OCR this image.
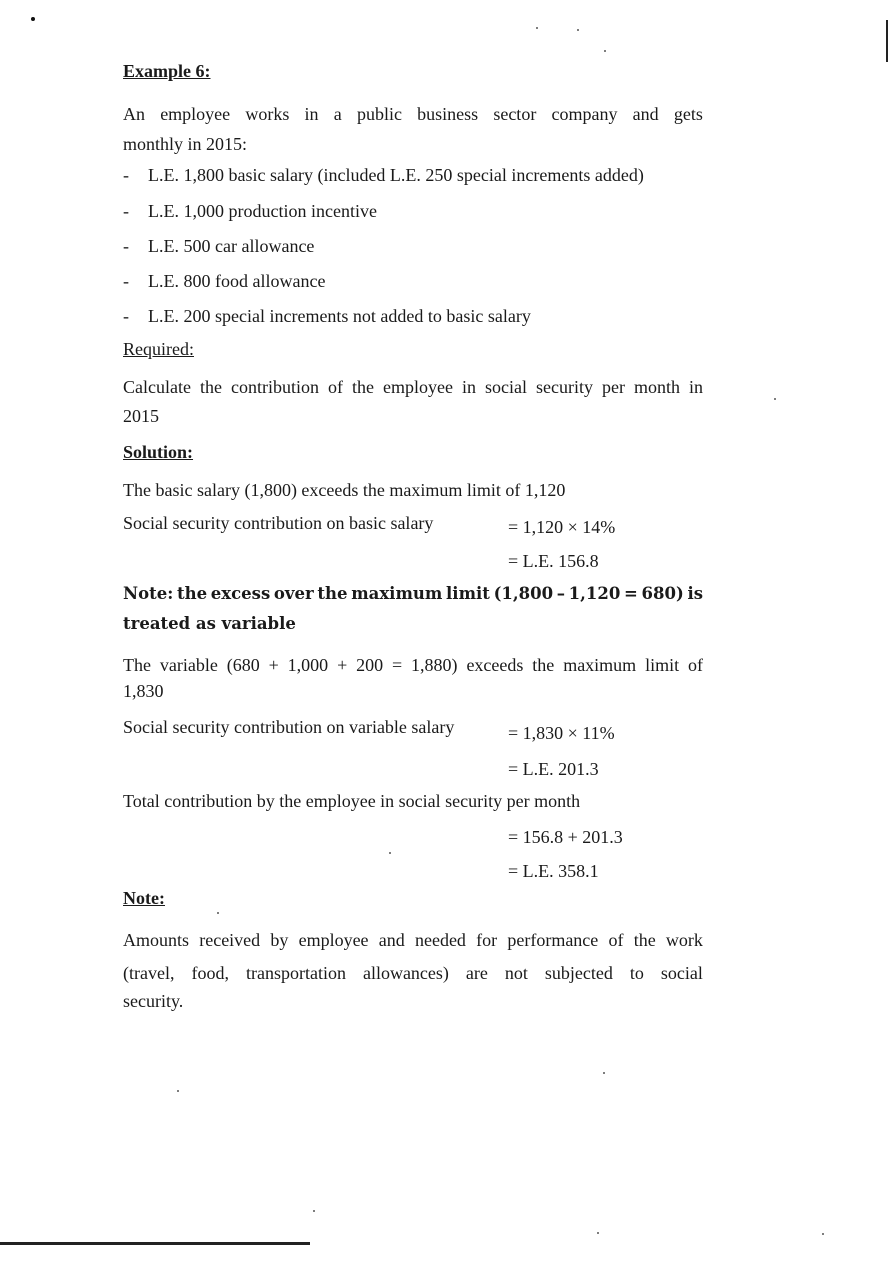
Example 6:
An employee works in a public business sector company and gets
monthly in 2015:
- L.E. 1,800 basic salary (included L.E. 250 special increments added)
- L.E. 1,000 production incentive
- L.E. 500 car allowance
- L.E. 800 food allowance
- L.E. 200 special increments not added to basic salary
Required:
Calculate the contribution of the employee in social security per month in
2015
Solution:
The basic salary (1,800) exceeds the maximum limit of 1,120
Social security contribution on basic salary	= 1,120 × 14%
= L.E. 156.8
Note: the excess over the maximum limit (1,800 – 1,120 = 680) is
treated as variable
The variable (680 + 1,000 + 200 = 1,880) exceeds the maximum limit of
1,830
Social security contribution on variable salary	= 1,830 × 11%
= L.E. 201.3
Total contribution by the employee in social security per month
= 156.8 + 201.3
= L.E. 358.1
Note:
Amounts received by employee and needed for performance of the work
(travel, food, transportation allowances) are not subjected to social
security.
